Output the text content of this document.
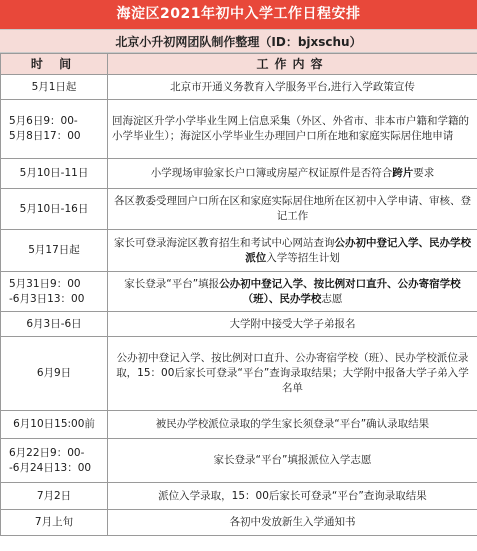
海淀区2021年初中入学工作日程安排
北京小升初网团队制作整理（ID：bjxschu）
时 间	工作内容

5月1日起	北京市开通义务教育入学服务平台,进行入学政策宣传

5月6日9：00-
5月8日17：00	回海淀区升学小学毕业生网上信息采集（外区、外省市、非本市户籍和学籍的小学毕业生）；海淀区小学毕业生办理回户口所在地和家庭实际居住地申请

5月10日-11日	小学现场审验家长户口簿或房屋产权证原件是否符合跨片要求

5月10日-16日	各区教委受理回户口所在区和家庭实际居住地所在区初中入学申请、审核、登记工作

5月17日起	家长可登录海淀区教育招生和考试中心网站查询公办初中登记入学、民办学校派位入学等招生计划

5月31日9：00
-6月3日13：00	家长登录“平台”填报公办初中登记入学、按比例对口直升、公办寄宿学校（班）、民办学校志愿

6月3日-6日	大学附中接受大学子弟报名

6月9日	公办初中登记入学、按比例对口直升、公办寄宿学校（班）、民办学校派位录取，15：00后家长可登录“平台”查询录取结果；大学附中报备大学子弟入学名单

6月10日15:00前	被民办学校派位录取的学生家长须登录“平台”确认录取结果

6月22日9：00-
-6月24日13：00	家长登录“平台”填报派位入学志愿

7月2日	派位入学录取，15：00后家长可登录“平台”查询录取结果

7月上旬	各初中发放新生入学通知书
